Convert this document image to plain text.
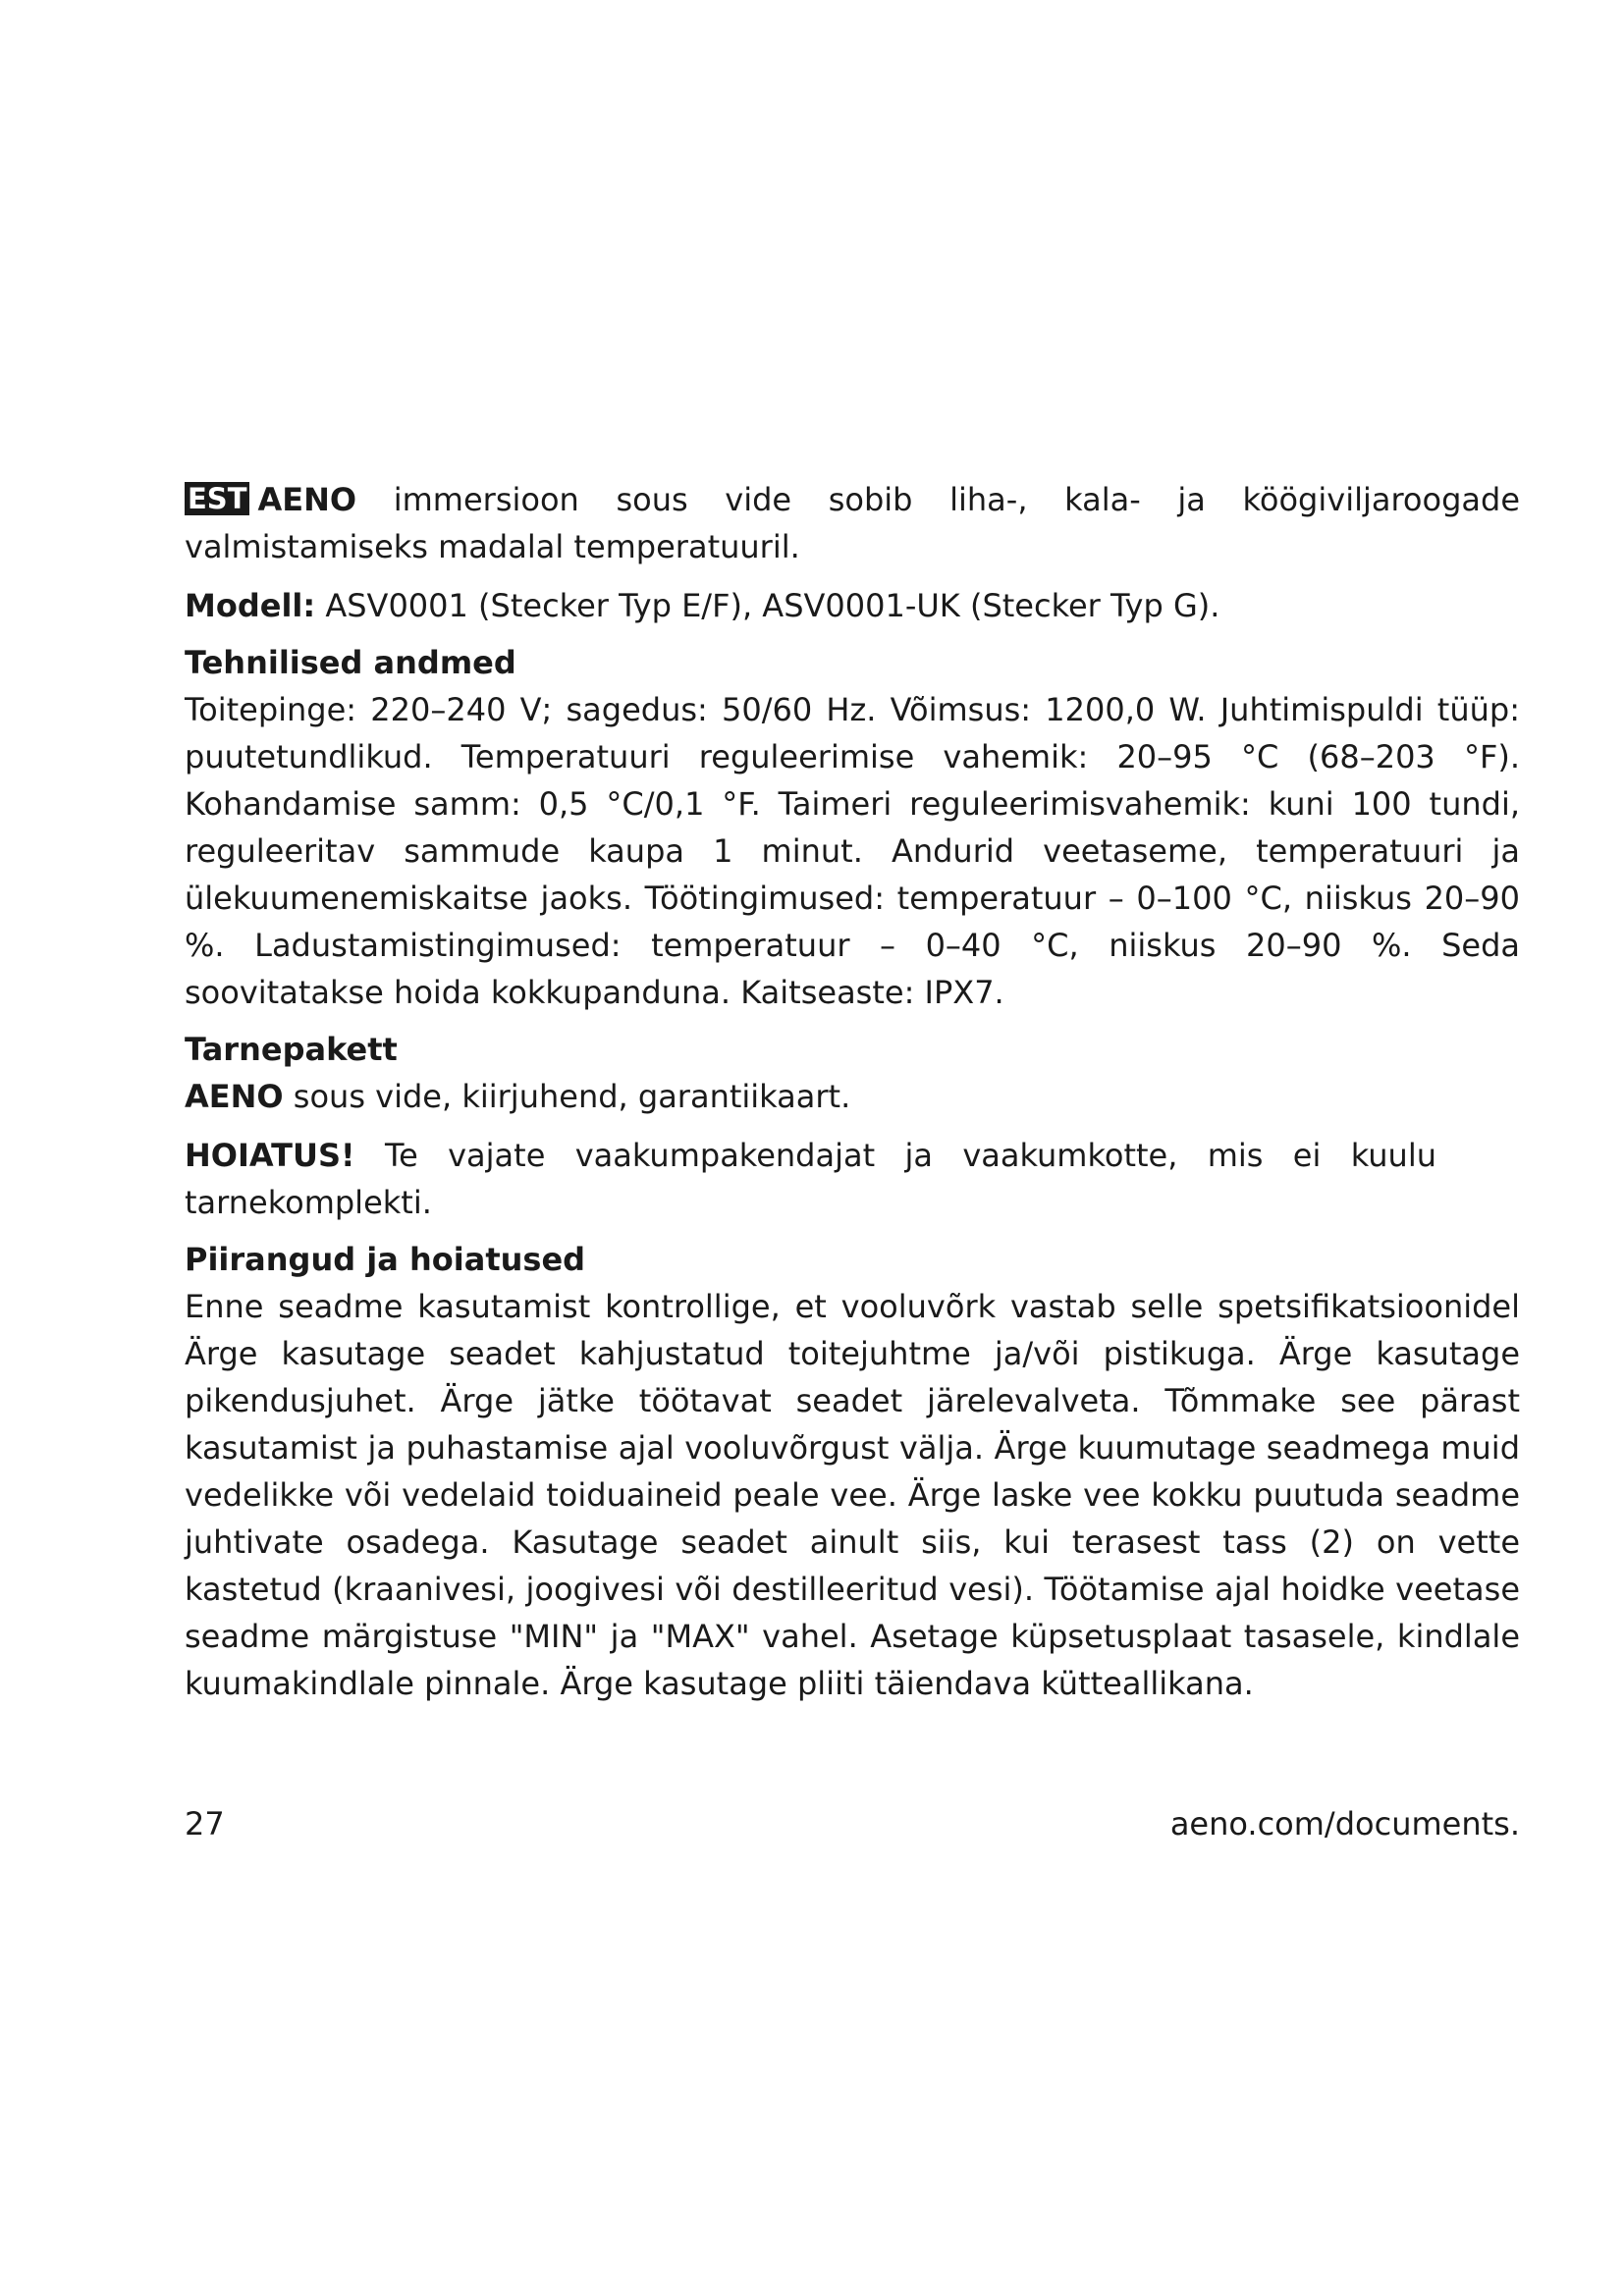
EST AENO immersioon sous vide sobib liha-, kala- ja köögiviljaroogade valmistamiseks madalal temperatuuril.

Modell: ASV0001 (Stecker Typ E/F), ASV0001-UK (Stecker Typ G).

Tehnilised andmed

Toitepinge: 220–240 V; sagedus: 50/60 Hz. Võimsus: 1200,0 W. Juhtimispuldi tüüp: puutetundlikud. Temperatuuri reguleerimise vahemik: 20–95 °C (68–203 °F). Kohandamise samm: 0,5 °C/0,1 °F. Taimeri reguleerimisvahemik: kuni 100 tundi, reguleeritav sammude kaupa 1 minut. Andurid veetaseme, temperatuuri ja ülekuumenemiskaitse jaoks. Töötingimused: temperatuur – 0–100 °C, niiskus 20–90 %. Ladustamistingimused: temperatuur – 0–40 °C, niiskus 20–90 %. Seda soovitatakse hoida kokkupanduna. Kaitseaste: IPX7.

Tarnepakett

AENO sous vide, kiirjuhend, garantiikaart.

HOIATUS! Te vajate vaakumpakendajat ja vaakumkotte, mis ei kuulu tarnekomplekti.

Piirangud ja hoiatused

Enne seadme kasutamist kontrollige, et vooluvõrk vastab selle spetsifikatsioonidel Ärge kasutage seadet kahjustatud toitejuhtme ja/või pistikuga. Ärge kasutage pikendusjuhet. Ärge jätke töötavat seadet järelevalveta. Tõmmake see pärast kasutamist ja puhastamise ajal vooluvõrgust välja. Ärge kuumutage seadmega muid vedelikke või vedelaid toiduaineid peale vee. Ärge laske vee kokku puutuda seadme juhtivate osadega. Kasutage seadet ainult siis, kui terasest tass (2) on vette kastetud (kraanivesi, joogivesi või destilleeritud vesi). Töötamise ajal hoidke veetase seadme märgistuse "MIN" ja "MAX" vahel. Asetage küpsetusplaat tasasele, kindlale kuumakindlale pinnale. Ärge kasutage pliiti täiendava kütteallikana.

27	aeno.com/documents.
